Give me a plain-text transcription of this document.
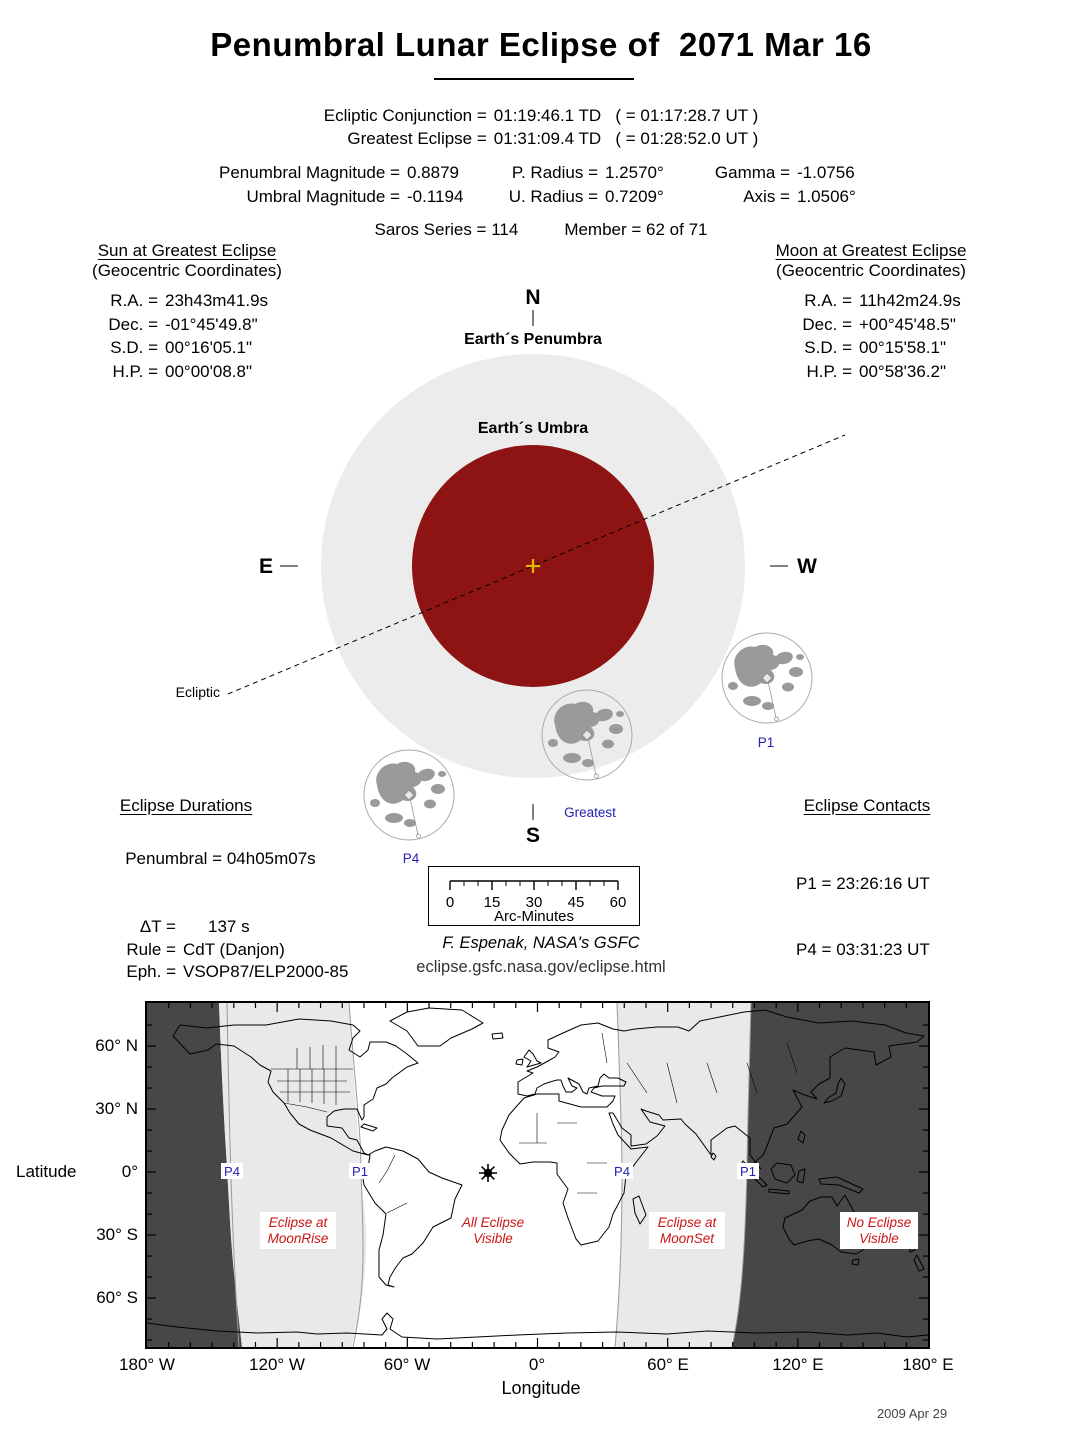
Penumbral Lunar Eclipse of  2071 Mar 16
Ecliptic Conjunction = 01:19:46.1 TD   ( = 01:17:28.7 UT )
Greatest Eclipse = 01:31:09.4 TD   ( = 01:28:52.0 UT )
Penumbral Magnitude = 0.8879
Umbral Magnitude = -0.1194
P. Radius = 1.2570°
U. Radius = 0.7209°
Gamma = -1.0756
Axis = 1.0506°
Saros Series = 114	Member = 62 of 71
Sun at Greatest Eclipse
(Geocentric Coordinates)
R.A. = 23h43m41.9s
Dec. = -01°45'49.8"
S.D. = 00°16'05.1"
H.P. = 00°00'08.8"
Moon at Greatest Eclipse
(Geocentric Coordinates)
R.A. = 11h42m24.9s
Dec. = +00°45'48.5"
S.D. = 00°15'58.1"
H.P. = 00°58'36.2"
N
S
E	W
Earth´s Penumbra
Earth´s Umbra
Ecliptic
Greatest
P1
P4
Eclipse Durations

Penumbral = 04h05m07s

Eclipse Contacts

P1 = 23:26:16 UT

P4 = 03:31:23 UT

0 15 30 45 60
Arc-Minutes
ΔT =	137 s
Rule = CdT (Danjon)
Eph. = VSOP87/ELP2000-85
F. Espenak, NASA's GSFC
eclipse.gsfc.nasa.gov/eclipse.html
P4	P1	P4	P1
Eclipse at
MoonRise
All Eclipse
Visible
Eclipse at
MoonSet
No Eclipse
Visible
180° W	120° W	60° W	0°	60° E	120° E	180° E
60° N
30° N
0°
30° S
60° S
Latitude
Longitude
2009 Apr 29
